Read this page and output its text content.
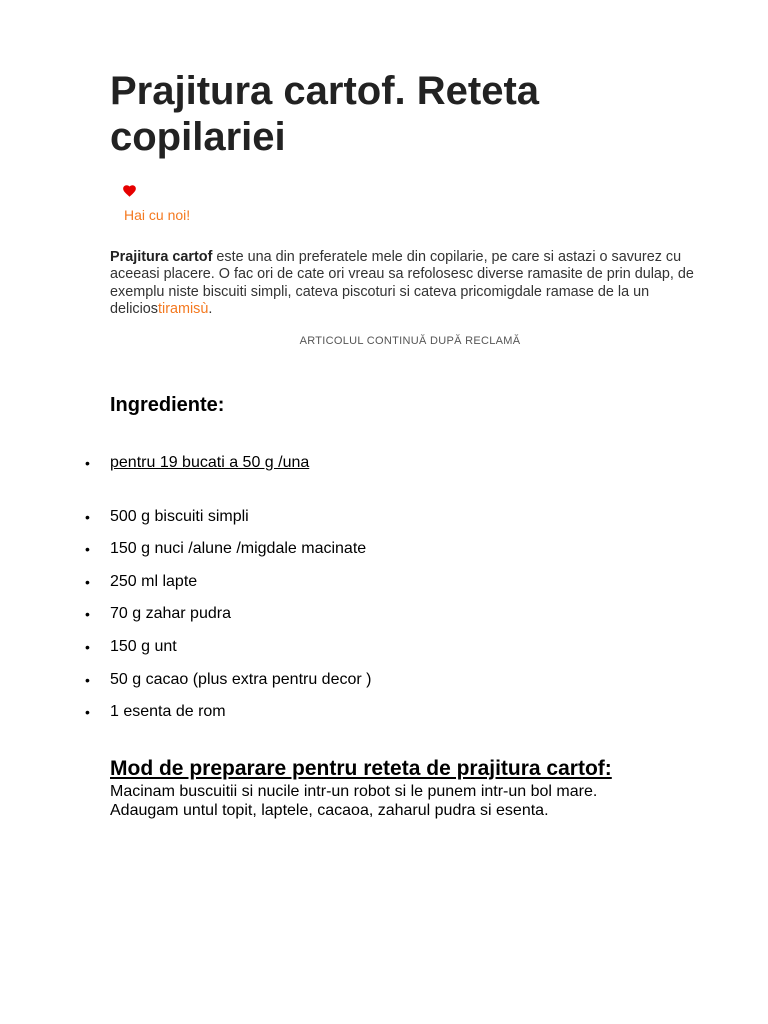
Prajitura cartof. Reteta copilariei
Hai cu noi!

Prajitura cartof este una din preferatele mele din copilarie, pe care si astazi o savurez cu aceeasi placere. O fac ori de cate ori vreau sa refolosesc diverse ramasite de prin dulap, de exemplu niste biscuiti simpli, cateva piscoturi si cateva pricomigdale ramase de la un deliciostiramisù.

ARTICOLUL CONTINUĂ DUPĂ RECLAMĂ
Ingrediente:
• pentru 19 bucati a 50 g /una
• 500 g biscuiti simpli
• 150 g nuci /alune /migdale macinate
• 250 ml lapte
• 70 g zahar pudra
• 150 g unt
• 50 g cacao (plus extra pentru decor )
• 1 esenta de rom
Mod de preparare pentru reteta de prajitura cartof:
Macinam buscuitii si nucile intr-un robot si le punem intr-un bol mare.
Adaugam untul topit, laptele, cacaoa, zaharul pudra si esenta.
